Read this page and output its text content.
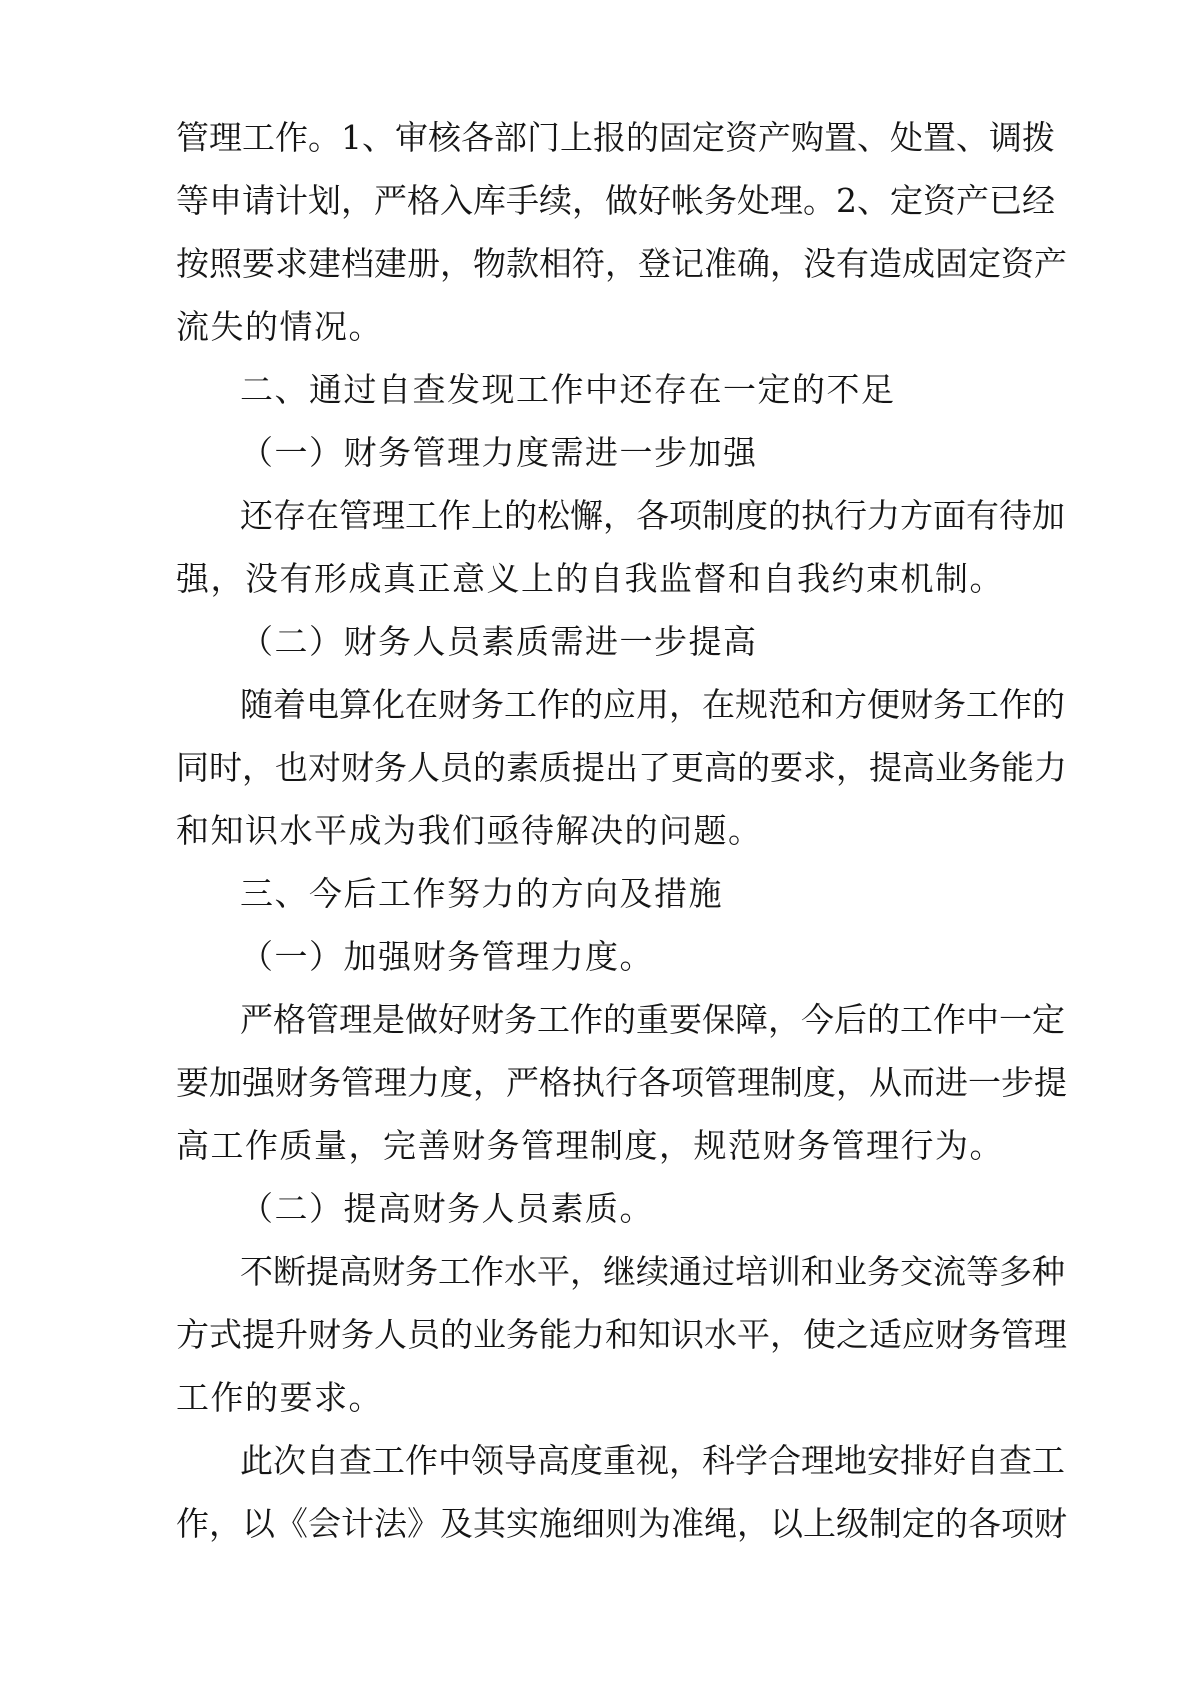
管理工作。1、审核各部门上报的固定资产购置、处置、调拨

等申请计划，严格入库手续，做好帐务处理。2、定资产已经

按照要求建档建册，物款相符，登记准确，没有造成固定资产

流失的情况。

二、通过自查发现工作中还存在一定的不足

（一）财务管理力度需进一步加强

还存在管理工作上的松懈，各项制度的执行力方面有待加

强，没有形成真正意义上的自我监督和自我约束机制。

（二）财务人员素质需进一步提高

随着电算化在财务工作的应用，在规范和方便财务工作的

同时，也对财务人员的素质提出了更高的要求，提高业务能力

和知识水平成为我们亟待解决的问题。

三、今后工作努力的方向及措施

（一）加强财务管理力度。

严格管理是做好财务工作的重要保障，今后的工作中一定

要加强财务管理力度，严格执行各项管理制度，从而进一步提

高工作质量，完善财务管理制度，规范财务管理行为。

（二）提高财务人员素质。

不断提高财务工作水平，继续通过培训和业务交流等多种

方式提升财务人员的业务能力和知识水平，使之适应财务管理

工作的要求。

此次自查工作中领导高度重视，科学合理地安排好自查工

作，以《会计法》及其实施细则为准绳，以上级制定的各项财
